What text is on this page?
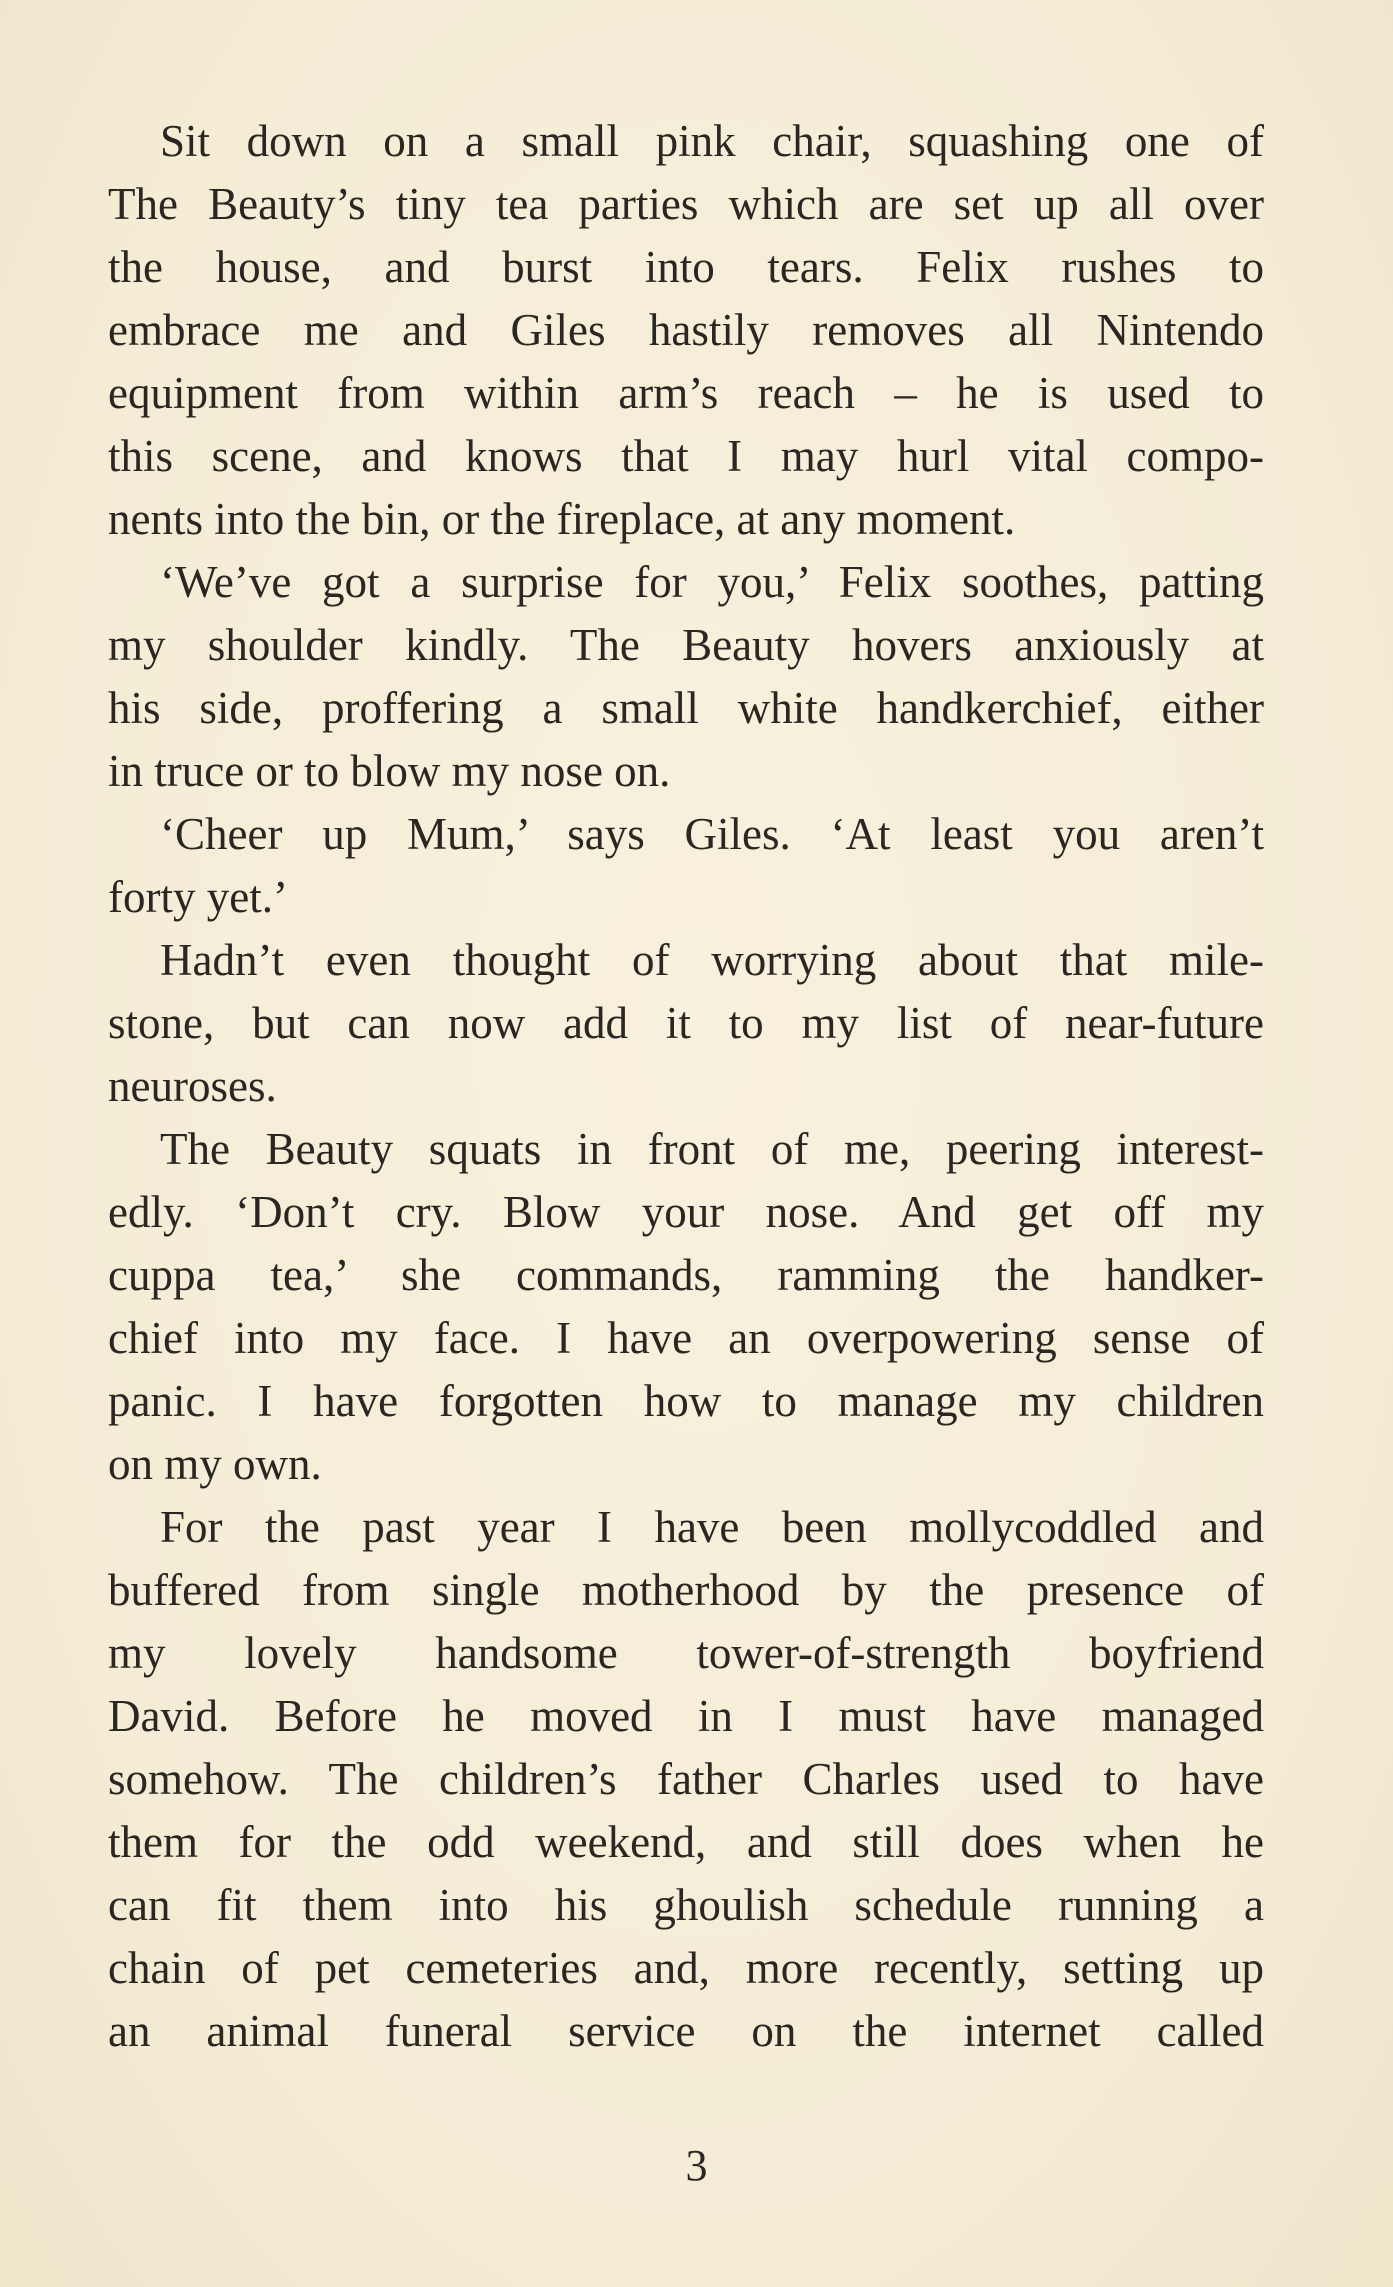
Sit down on a small pink chair, squashing one of
The Beauty’s tiny tea parties which are set up all over
the house, and burst into tears. Felix rushes to
embrace me and Giles hastily removes all Nintendo
equipment from within arm’s reach – he is used to
this scene, and knows that I may hurl vital compo-
nents into the bin, or the fireplace, at any moment.
‘We’ve got a surprise for you,’ Felix soothes, patting
my shoulder kindly. The Beauty hovers anxiously at
his side, proffering a small white handkerchief, either
in truce or to blow my nose on.
‘Cheer up Mum,’ says Giles. ‘At least you aren’t
forty yet.’
Hadn’t even thought of worrying about that mile-
stone, but can now add it to my list of near-future
neuroses.
The Beauty squats in front of me, peering interest-
edly. ‘Don’t cry. Blow your nose. And get off my
cuppa tea,’ she commands, ramming the handker-
chief into my face. I have an overpowering sense of
panic. I have forgotten how to manage my children
on my own.
For the past year I have been mollycoddled and
buffered from single motherhood by the presence of
my lovely handsome tower-of-strength boyfriend
David. Before he moved in I must have managed
somehow. The children’s father Charles used to have
them for the odd weekend, and still does when he
can fit them into his ghoulish schedule running a
chain of pet cemeteries and, more recently, setting up
an animal funeral service on the internet called
3
